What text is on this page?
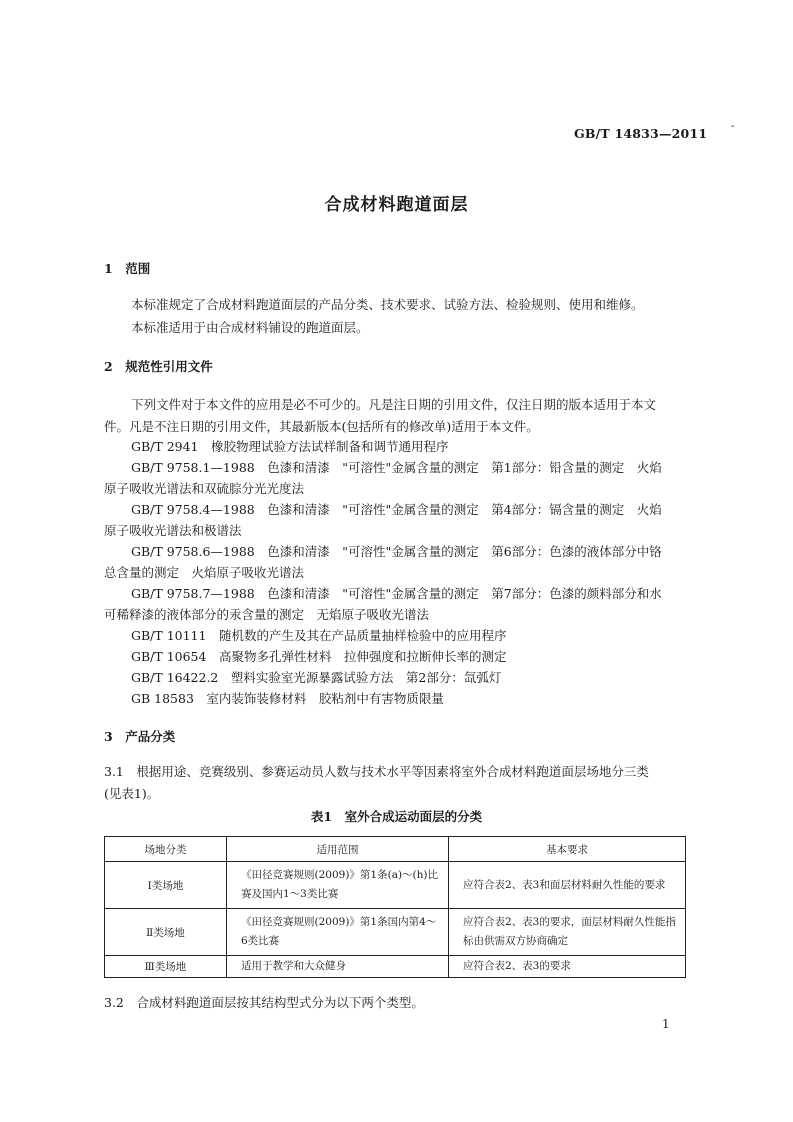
GB/T 14833—2011 -
合成材料跑道面层
1　范围
本标准规定了合成材料跑道面层的产品分类、技术要求、试验方法、检验规则、使用和维修。
本标准适用于由合成材料铺设的跑道面层。
2　规范性引用文件
下列文件对于本文件的应用是必不可少的。凡是注日期的引用文件，仅注日期的版本适用于本文
件。凡是不注日期的引用文件，其最新版本(包括所有的修改单)适用于本文件。
GB/T 2941　橡胶物理试验方法试样制备和调节通用程序
GB/T 9758.1—1988　色漆和清漆　"可溶性"金属含量的测定　第1部分：铅含量的测定　火焰
原子吸收光谱法和双硫腙分光光度法
GB/T 9758.4—1988　色漆和清漆　"可溶性"金属含量的测定　第4部分：镉含量的测定　火焰
原子吸收光谱法和极谱法
GB/T 9758.6—1988　色漆和清漆　"可溶性"金属含量的测定　第6部分：色漆的液体部分中铬
总含量的测定　火焰原子吸收光谱法
GB/T 9758.7—1988　色漆和清漆　"可溶性"金属含量的测定　第7部分：色漆的颜料部分和水
可稀释漆的液体部分的汞含量的测定　无焰原子吸收光谱法
GB/T 10111　随机数的产生及其在产品质量抽样检验中的应用程序
GB/T 10654　高聚物多孔弹性材料　拉伸强度和拉断伸长率的测定
GB/T 16422.2　塑料实验室光源暴露试验方法　第2部分：氙弧灯
GB 18583　室内装饰装修材料　胶粘剂中有害物质限量
3　产品分类
3.1　根据用途、竞赛级别、参赛运动员人数与技术水平等因素将室外合成材料跑道面层场地分三类
(见表1)。
表1　室外合成运动面层的分类
场地分类	适用范围	基本要求
Ⅰ类场地	《田径竞赛规则(2009)》第1条(a)～(h)比赛及国内1～3类比赛	应符合表2、表3和面层材料耐久性能的要求
Ⅱ类场地	《田径竞赛规则(2009)》第1条国内第4～6类比赛	应符合表2、表3的要求，面层材料耐久性能指标由供需双方协商确定
Ⅲ类场地	适用于教学和大众健身	应符合表2、表3的要求
3.2　合成材料跑道面层按其结构型式分为以下两个类型。
1
